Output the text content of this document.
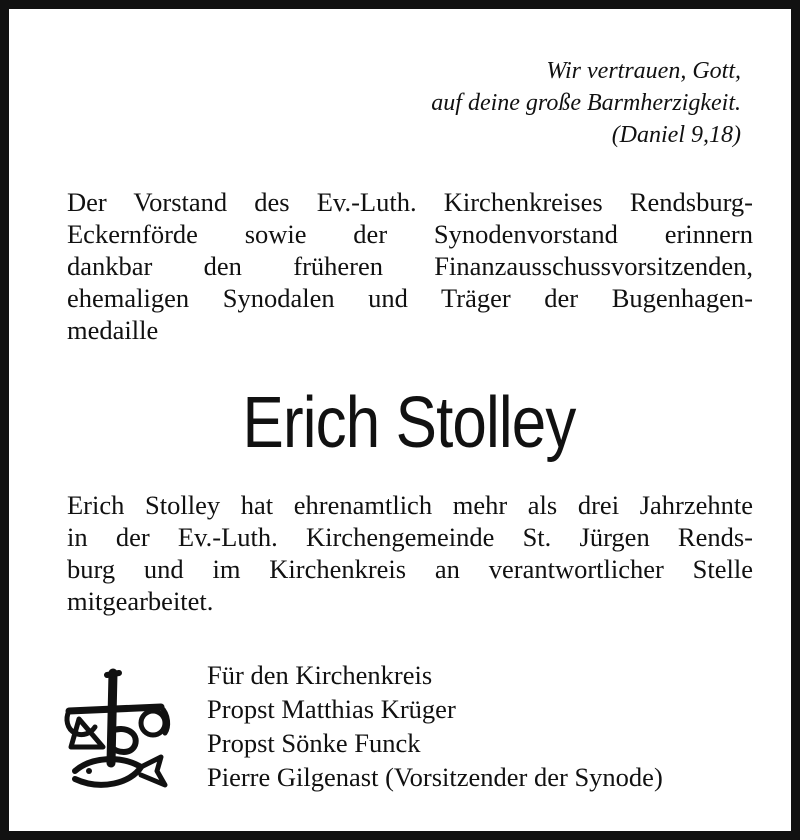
Wir vertrauen, Gott,
auf deine große Barmherzigkeit.
(Daniel 9,18)
Der Vorstand des Ev.-Luth. Kirchenkreises Rendsburg-
Eckernförde sowie der Synodenvorstand erinnern
dankbar den früheren Finanzausschussvorsitzenden,
ehemaligen Synodalen und Träger der Bugenhagen-
medaille
Erich Stolley
Erich Stolley hat ehrenamtlich mehr als drei Jahrzehnte
in der Ev.-Luth. Kirchengemeinde St. Jürgen Rends-
burg und im Kirchenkreis an verantwortlicher Stelle
mitgearbeitet.
Für den Kirchenkreis
Propst Matthias Krüger
Propst Sönke Funck
Pierre Gilgenast (Vorsitzender der Synode)
